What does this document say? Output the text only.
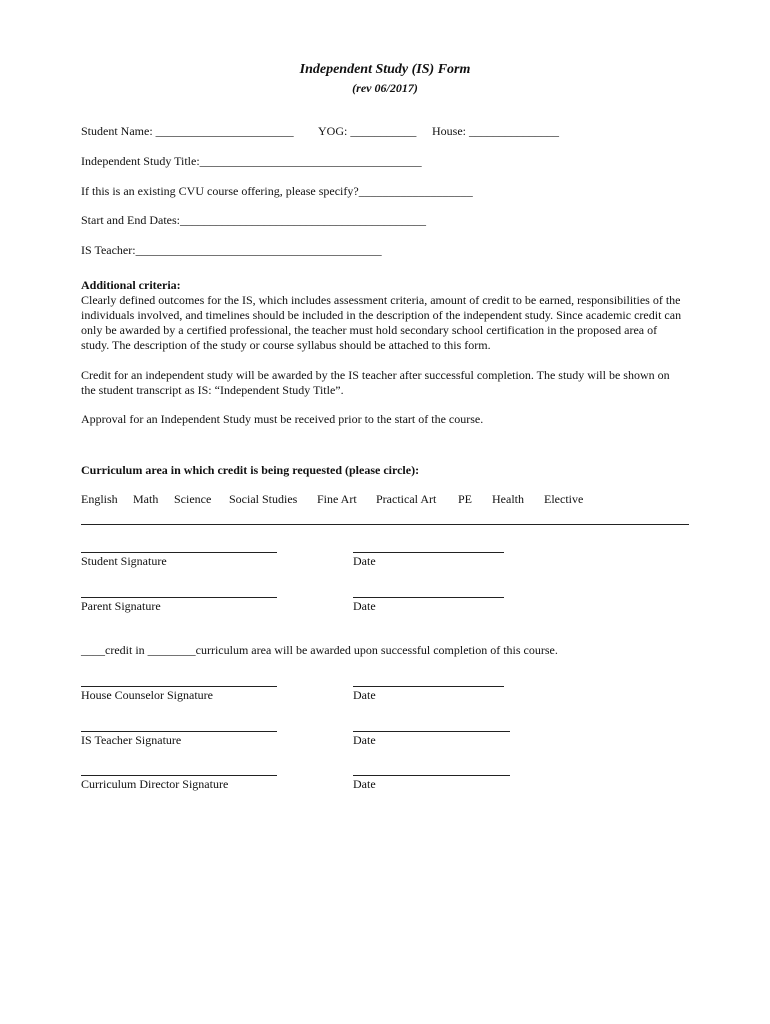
Independent Study (IS) Form
(rev 06/2017)
Student Name: _______________________ YOG: ___________ House: _______________
Independent Study Title:_____________________________________
If this is an existing CVU course offering, please specify?___________________
Start and End Dates:_________________________________________
IS Teacher:_________________________________________
Additional criteria:
Clearly defined outcomes for the IS, which includes assessment criteria, amount of credit to be earned, responsibilities of the individuals involved, and timelines should be included in the description of the independent study. Since academic credit can only be awarded by a certified professional, the teacher must hold secondary school certification in the proposed area of study. The description of the study or course syllabus should be attached to this form.
Credit for an independent study will be awarded by the IS teacher after successful completion. The study will be shown on the student transcript as IS: “Independent Study Title”.
Approval for an Independent Study must be received prior to the start of the course.
Curriculum area in which credit is being requested (please circle):
English	Math	Science	Social Studies	Fine Art	Practical Art	PE	Health	Elective
Student Signature	Date
Parent Signature	Date
____credit in ________curriculum area will be awarded upon successful completion of this course.
House Counselor Signature	Date
IS Teacher Signature	Date
Curriculum Director Signature	Date
